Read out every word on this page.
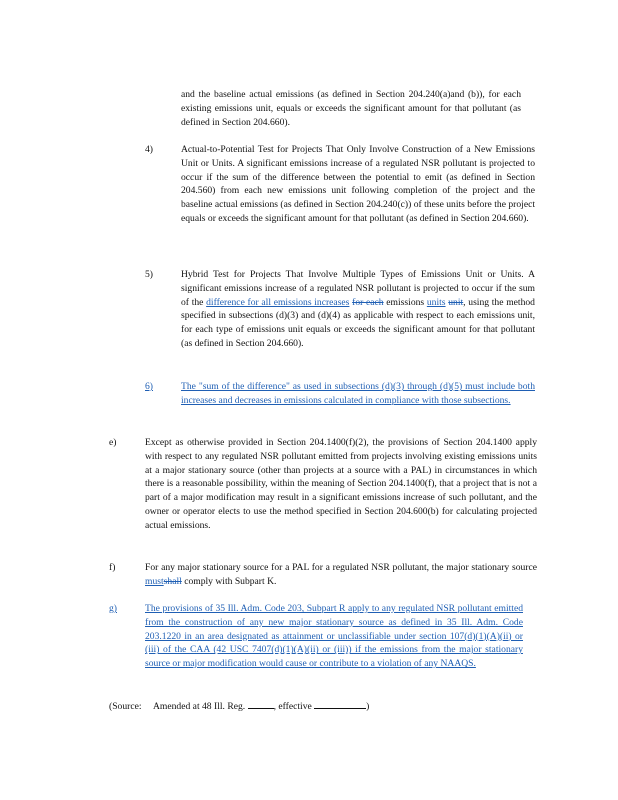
and the baseline actual emissions (as defined in Section 204.240(a)and (b)), for each existing emissions unit, equals or exceeds the significant amount for that pollutant (as defined in Section 204.660).
4)	Actual-to-Potential Test for Projects That Only Involve Construction of a New Emissions Unit or Units. A significant emissions increase of a regulated NSR pollutant is projected to occur if the sum of the difference between the potential to emit (as defined in Section 204.560) from each new emissions unit following completion of the project and the baseline actual emissions (as defined in Section 204.240(c)) of these units before the project equals or exceeds the significant amount for that pollutant (as defined in Section 204.660).
5)	Hybrid Test for Projects That Involve Multiple Types of Emissions Unit or Units. A significant emissions increase of a regulated NSR pollutant is projected to occur if the sum of the difference for all emissions increases for each emissions units unit, using the method specified in subsections (d)(3) and (d)(4) as applicable with respect to each emissions unit, for each type of emissions unit equals or exceeds the significant amount for that pollutant (as defined in Section 204.660).
6)	The "sum of the difference" as used in subsections (d)(3) through (d)(5) must include both increases and decreases in emissions calculated in compliance with those subsections.
e)	Except as otherwise provided in Section 204.1400(f)(2), the provisions of Section 204.1400 apply with respect to any regulated NSR pollutant emitted from projects involving existing emissions units at a major stationary source (other than projects at a source with a PAL) in circumstances in which there is a reasonable possibility, within the meaning of Section 204.1400(f), that a project that is not a part of a major modification may result in a significant emissions increase of such pollutant, and the owner or operator elects to use the method specified in Section 204.600(b) for calculating projected actual emissions.
f)	For any major stationary source for a PAL for a regulated NSR pollutant, the major stationary source mustshall comply with Subpart K.
g)	The provisions of 35 Ill. Adm. Code 203, Subpart R apply to any regulated NSR pollutant emitted from the construction of any new major stationary source as defined in 35 Ill. Adm. Code 203.1220 in an area designated as attainment or unclassifiable under section 107(d)(1)(A)(ii) or (iii) of the CAA (42 USC 7407(d)(1)(A)(ii) or (iii)) if the emissions from the major stationary source or major modification would cause or contribute to a violation of any NAAQS.
(Source: Amended at 48 Ill. Reg.	, effective	)
